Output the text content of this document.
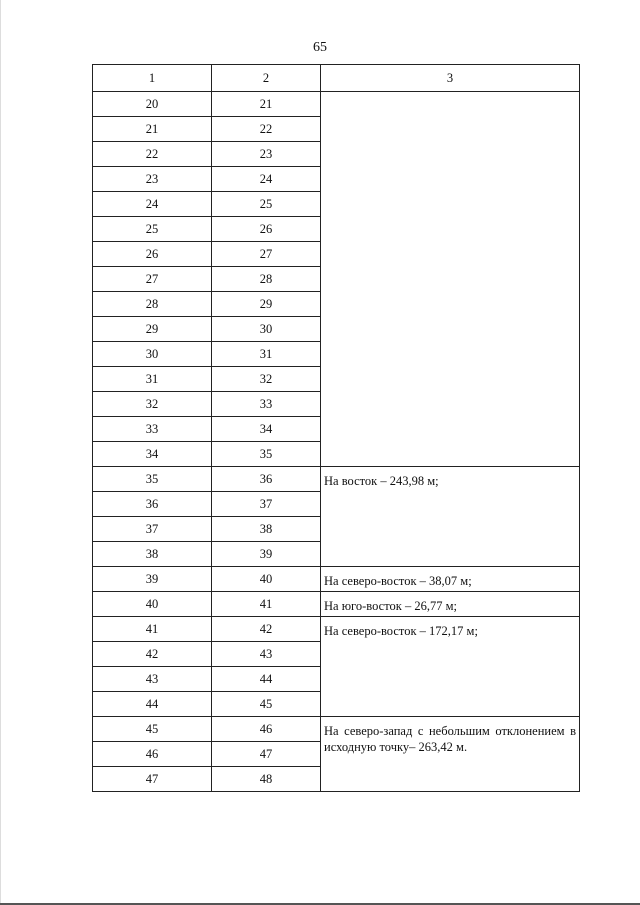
65
1	2	3
20	21	
21	22	
22	23	
23	24	
24	25	
25	26	
26	27	
27	28	
28	29	
29	30	
30	31	
31	32	
32	33	
33	34	
34	35	
35	36	На восток – 243,98 м;
36	37	
37	38	
38	39	
39	40	На северо-восток – 38,07 м;
40	41	На юго-восток – 26,77 м;
41	42	На северо-восток – 172,17 м;
42	43	
43	44	
44	45	
45	46	На северо-запад с небольшим отклонением в исходную точку– 263,42 м.
46	47	
47	48	
